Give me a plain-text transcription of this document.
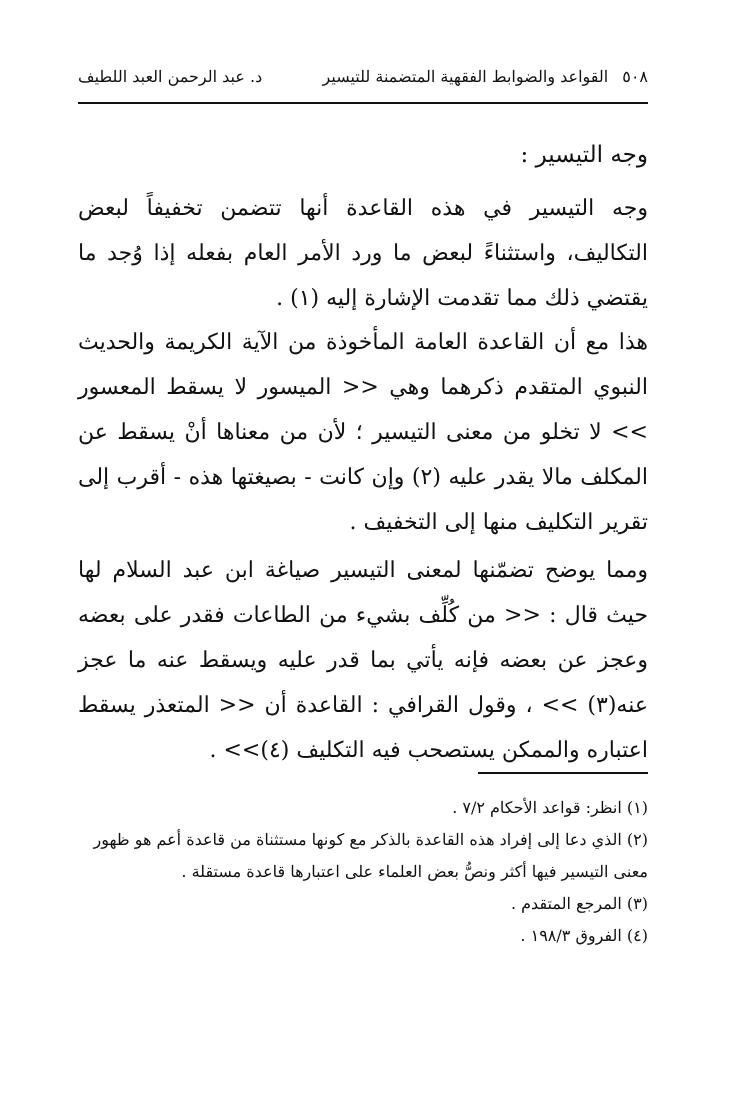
٥٠٨
القواعد والضوابط الفقهية المتضمنة للتيسير
د. عبد الرحمن العبد اللطيف
وجه التيسير :

وجه التيسير في هذه القاعدة أنها تتضمن تخفيفاً لبعض التكاليف، واستثناءً لبعض ما ورد الأمر العام بفعله إذا وُجد ما يقتضي ذلك مما تقدمت الإشارة إليه (١) .

هذا مع أن القاعدة العامة المأخوذة من الآية الكريمة والحديث النبوي المتقدم ذكرهما وهي << الميسور لا يسقط المعسور >> لا تخلو من معنى التيسير ؛ لأن من معناها أنْ يسقط عن المكلف مالا يقدر عليه (٢) وإن كانت - بصيغتها هذه - أقرب إلى تقرير التكليف منها إلى التخفيف .

ومما يوضح تضمّنها لمعنى التيسير صياغة ابن عبد السلام لها حيث قال : << من كُلِّف بشيء من الطاعات فقدر على بعضه وعجز عن بعضه فإنه يأتي بما قدر عليه ويسقط عنه ما عجز عنه(٣) >> ، وقول القرافي : القاعدة أن << المتعذر يسقط اعتباره والممكن يستصحب فيه التكليف (٤)>> .

(١) انظر: قواعد الأحكام ٧/٢ .

(٢) الذي دعا إلى إفراد هذه القاعدة بالذكر مع كونها مستثناة من قاعدة أعم هو ظهور معنى التيسير فيها أكثر ونصُّ بعض العلماء على اعتبارها قاعدة مستقلة .

(٣) المرجع المتقدم .

(٤) الفروق ١٩٨/٣ .
